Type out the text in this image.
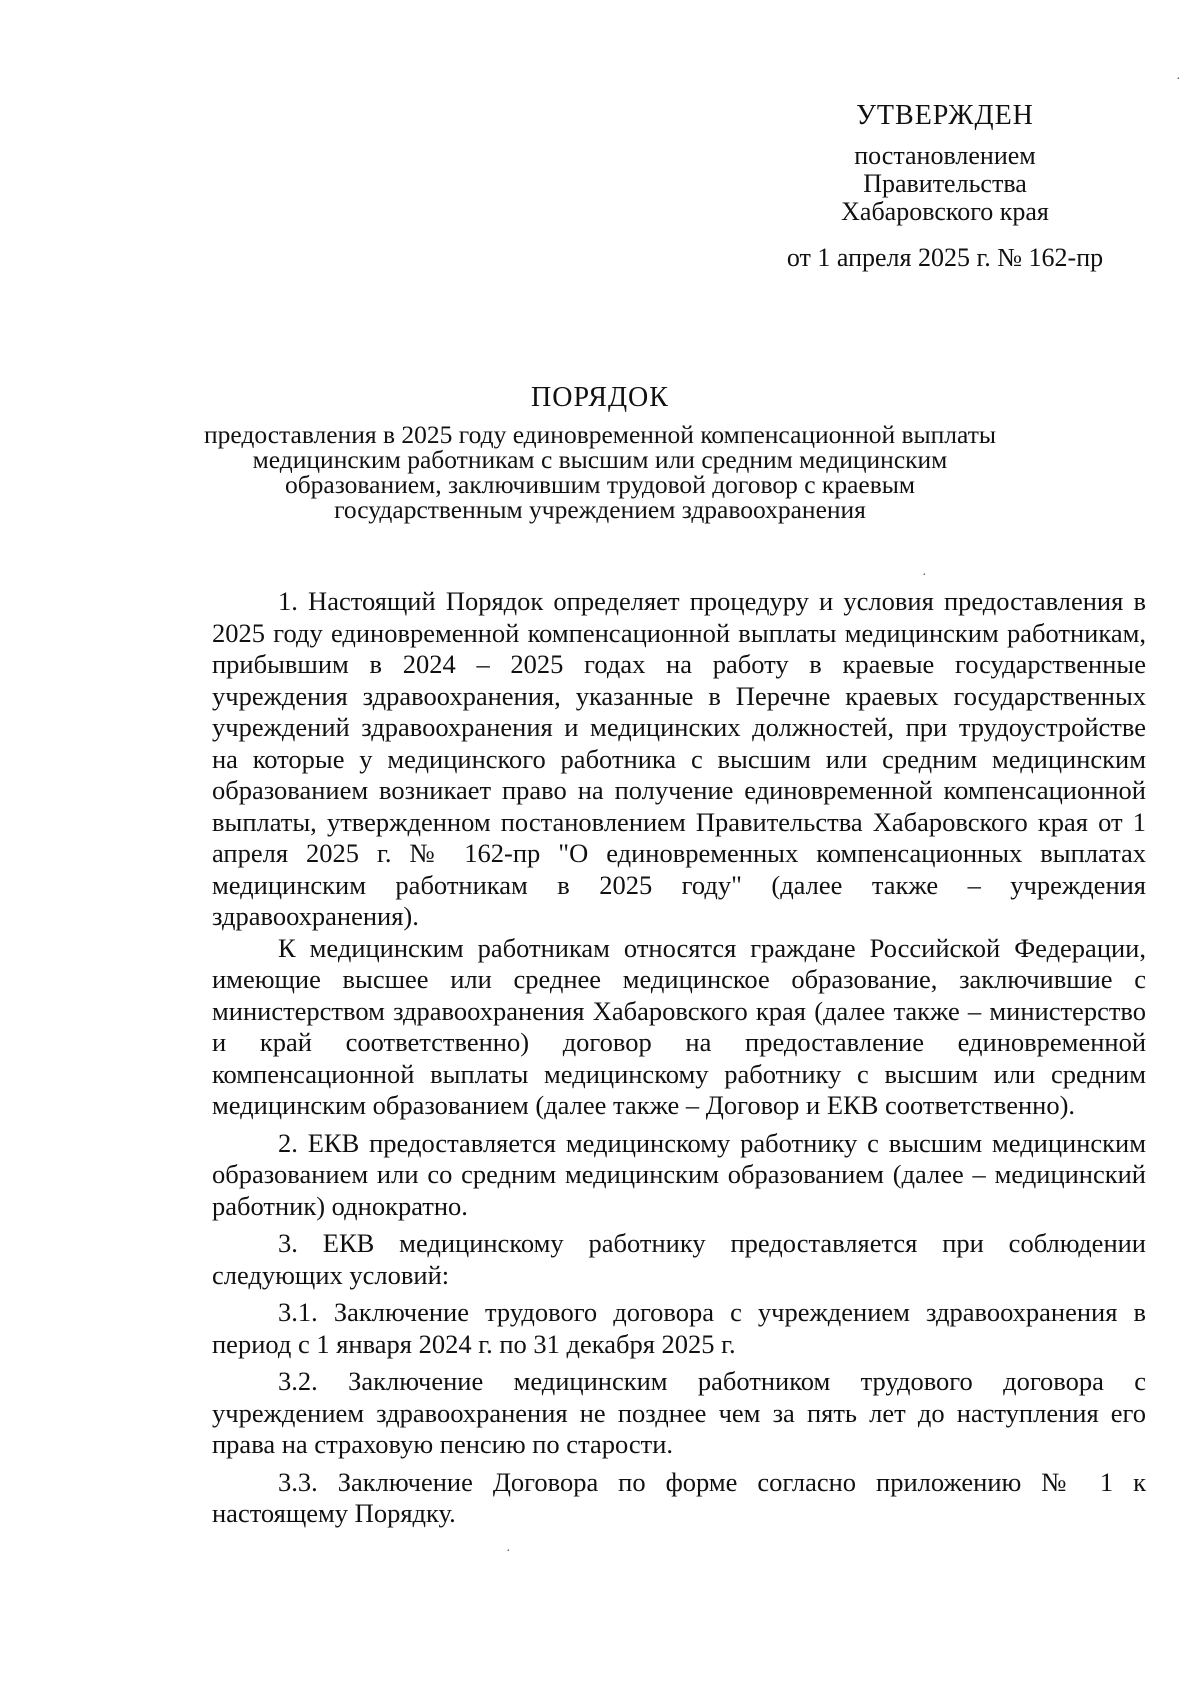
УТВЕРЖДЕН
постановлением
Правительства
Хабаровского края
от 1 апреля 2025 г. № 162-пр
ПОРЯДОК
предоставления в 2025 году единовременной компенсационной выплаты медицинским работникам с высшим или средним медицинским образованием, заключившим трудовой договор с краевым государственным учреждением здравоохранения

1. Настоящий Порядок определяет процедуру и условия предоставления в 2025 году единовременной компенсационной выплаты медицинским работникам, прибывшим в 2024 – 2025 годах на работу в краевые государственные учреждения здравоохранения, указанные в Перечне краевых государственных учреждений здравоохранения и медицинских должностей, при трудоустройстве на которые у медицинского работника с высшим или средним медицинским образованием возникает право на получение единовременной компенсационной выплаты, утвержденном постановлением Правительства Хабаровского края от 1 апреля 2025 г. № 162-пр "О единовременных компенсационных выплатах медицинским работникам в 2025 году" (далее также – учреждения здравоохранения).

К медицинским работникам относятся граждане Российской Федерации, имеющие высшее или среднее медицинское образование, заключившие с министерством здравоохранения Хабаровского края (далее также – министерство и край соответственно) договор на предоставление единовременной компенсационной выплаты медицинскому работнику с высшим или средним медицинским образованием (далее также – Договор и ЕКВ соответственно).

2. ЕКВ предоставляется медицинскому работнику с высшим медицинским образованием или со средним медицинским образованием (далее – медицинский работник) однократно.

3. ЕКВ медицинскому работнику предоставляется при соблюдении следующих условий:

3.1. Заключение трудового договора с учреждением здравоохранения в период с 1 января 2024 г. по 31 декабря 2025 г.

3.2. Заключение медицинским работником трудового договора с учреждением здравоохранения не позднее чем за пять лет до наступления его права на страховую пенсию по старости.

3.3. Заключение Договора по форме согласно приложению № 1 к настоящему Порядку.

·
·
·
